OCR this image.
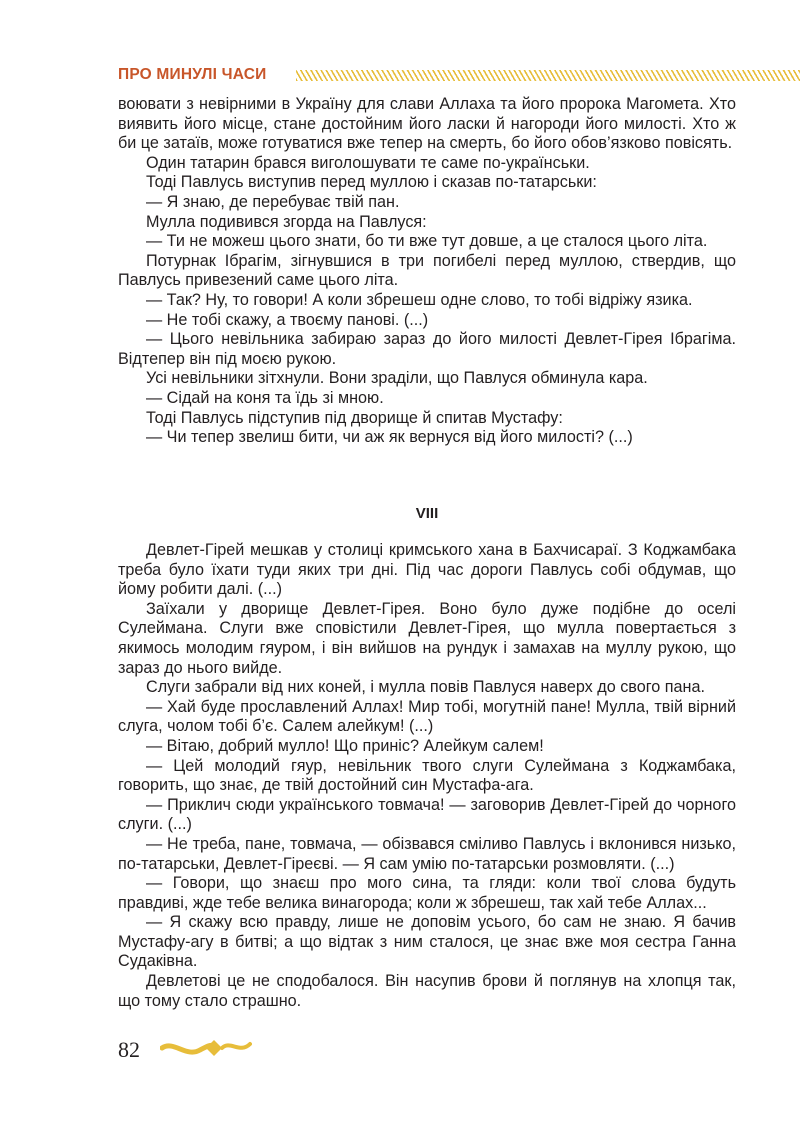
ПРО МИНУЛІ ЧАСИ

воювати з невірними в Україну для слави Аллаха та його пророка Магомета. Хто виявить його місце, стане достойним його ласки й нагороди його милості. Хто ж би це затаїв, може готуватися вже тепер на смерть, бо його обов’язково повісять.

Один татарин брався виголошувати те саме по-українськи.

Тоді Павлусь виступив перед муллою і сказав по-татарськи:

— Я знаю, де перебуває твій пан.

Мулла подивився згорда на Павлуся:

— Ти не можеш цього знати, бо ти вже тут довше, а це сталося цього літа.

Потурнак Ібрагім, зігнувшися в три погибелі перед муллою, ствердив, що Павлусь привезений саме цього літа.

— Так? Ну, то говори! А коли збрешеш одне слово, то тобі відріжу язика.

— Не тобі скажу, а твоєму панові. (...)

— Цього невільника забираю зараз до його милості Девлет-Гірея Ібрагіма. Відтепер він під моєю рукою.

Усі невільники зітхнули. Вони зраділи, що Павлуся обминула кара.

— Сідай на коня та їдь зі мною.

Тоді Павлусь підступив під дворище й спитав Мустафу:

— Чи тепер звелиш бити, чи аж як вернуся від його милості? (...)

VIII

Девлет-Гірей мешкав у столиці кримського хана в Бахчисараї. З Коджамбака треба було їхати туди яких три дні. Під час дороги Павлусь собі обдумав, що йому робити далі. (...)

Заїхали у дворище Девлет-Гірея. Воно було дуже подібне до оселі Сулеймана. Слуги вже сповістили Девлет-Гірея, що мулла повертається з якимось молодим гяуром, і він вийшов на рундук і замахав на муллу рукою, що зараз до нього вийде.

Слуги забрали від них коней, і мулла повів Павлуся наверх до свого пана.

— Хай буде прославлений Аллах! Мир тобі, могутній пане! Мулла, твій вірний слуга, чолом тобі б’є. Салем алейкум! (...)

— Вітаю, добрий мулло! Що приніс? Алейкум салем!

— Цей молодий гяур, невільник твого слуги Сулеймана з Коджамбака, говорить, що знає, де твій достойний син Мустафа-ага.

— Приклич сюди українського товмача! — заговорив Девлет-Гірей до чорного слуги. (...)

— Не треба, пане, товмача, — обізвався сміливо Павлусь і вклонився низько, по-татарськи, Девлет-Гіреєві. — Я сам умію по-татарськи розмовляти. (...)

— Говори, що знаєш про мого сина, та гляди: коли твої слова будуть правдиві, жде тебе велика винагорода; коли ж збрешеш, так хай тебе Аллах...

— Я скажу всю правду, лише не доповім усього, бо сам не знаю. Я бачив Мустафу-агу в битві; а що відтак з ним сталося, це знає вже моя сестра Ганна Судаківна.

Девлетові це не сподобалося. Він насупив брови й поглянув на хлопця так, що тому стало страшно.

82
